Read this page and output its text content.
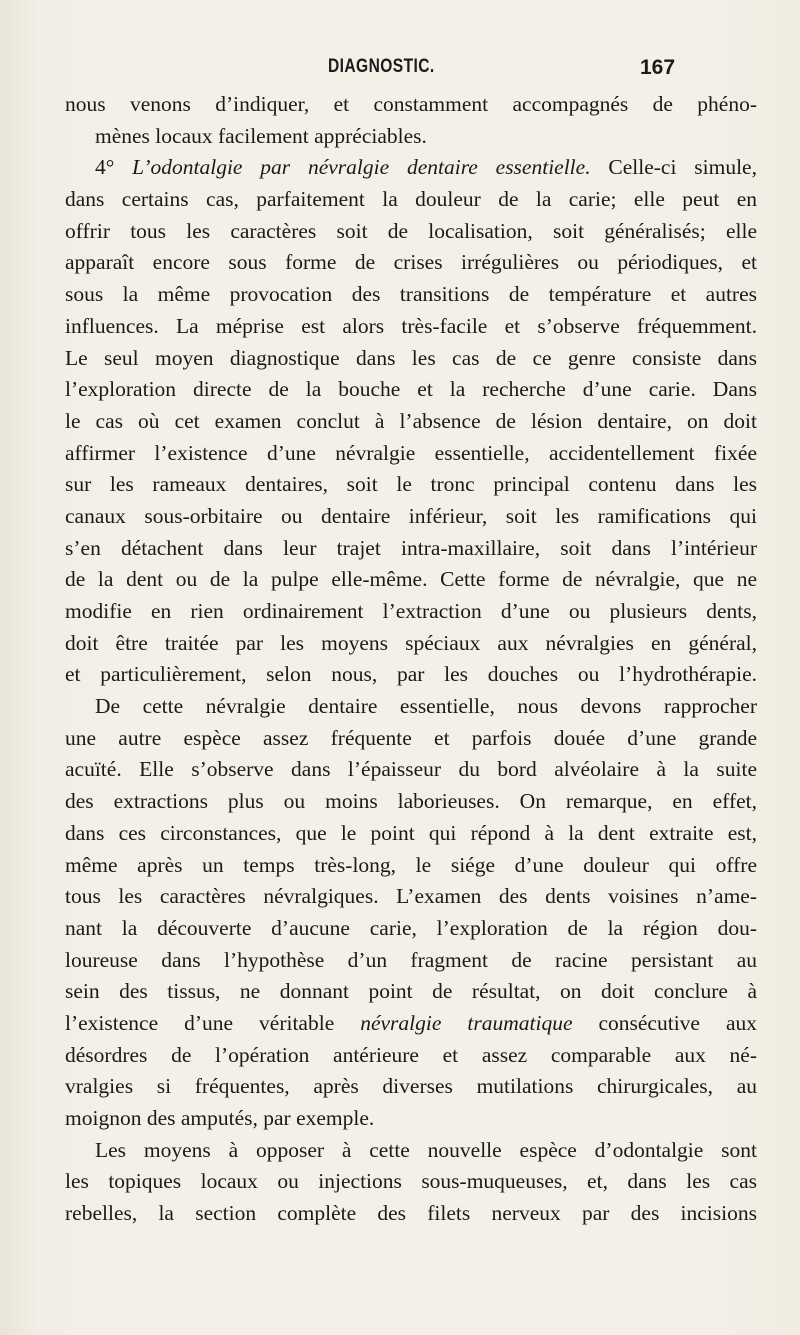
DIAGNOSTIC.	167
nous venons d’indiquer, et constamment accompagnés de phéno-
mènes locaux facilement appréciables.
4° L’odontalgie par névralgie dentaire essentielle. Celle-ci simule,
dans certains cas, parfaitement la douleur de la carie; elle peut en
offrir tous les caractères soit de localisation, soit généralisés; elle
apparaît encore sous forme de crises irrégulières ou périodiques, et
sous la même provocation des transitions de température et autres
influences. La méprise est alors très-facile et s’observe fréquemment.
Le seul moyen diagnostique dans les cas de ce genre consiste dans
l’exploration directe de la bouche et la recherche d’une carie. Dans
le cas où cet examen conclut à l’absence de lésion dentaire, on doit
affirmer l’existence d’une névralgie essentielle, accidentellement fixée
sur les rameaux dentaires, soit le tronc principal contenu dans les
canaux sous-orbitaire ou dentaire inférieur, soit les ramifications qui
s’en détachent dans leur trajet intra-maxillaire, soit dans l’intérieur
de la dent ou de la pulpe elle-même. Cette forme de névralgie, que ne
modifie en rien ordinairement l’extraction d’une ou plusieurs dents,
doit être traitée par les moyens spéciaux aux névralgies en général,
et particulièrement, selon nous, par les douches ou l’hydrothérapie.
De cette névralgie dentaire essentielle, nous devons rapprocher
une autre espèce assez fréquente et parfois douée d’une grande
acuïté. Elle s’observe dans l’épaisseur du bord alvéolaire à la suite
des extractions plus ou moins laborieuses. On remarque, en effet,
dans ces circonstances, que le point qui répond à la dent extraite est,
même après un temps très-long, le siége d’une douleur qui offre
tous les caractères névralgiques. L’examen des dents voisines n’ame-
nant la découverte d’aucune carie, l’exploration de la région dou-
loureuse dans l’hypothèse d’un fragment de racine persistant au
sein des tissus, ne donnant point de résultat, on doit conclure à
l’existence d’une véritable névralgie traumatique consécutive aux
désordres de l’opération antérieure et assez comparable aux né-
vralgies si fréquentes, après diverses mutilations chirurgicales, au
moignon des amputés, par exemple.
Les moyens à opposer à cette nouvelle espèce d’odontalgie sont
les topiques locaux ou injections sous-muqueuses, et, dans les cas
rebelles, la section complète des filets nerveux par des incisions
